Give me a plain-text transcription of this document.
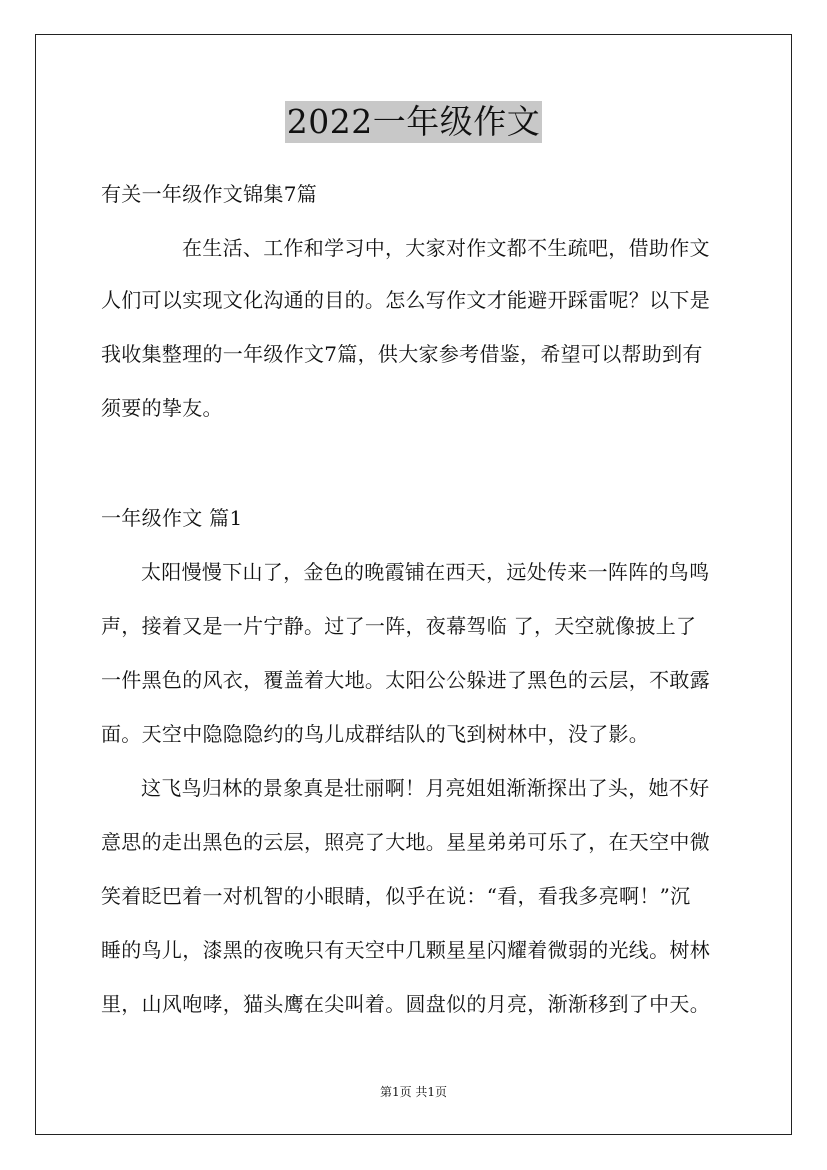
2022一年级作文
有关一年级作文锦集7篇
在生活、工作和学习中，大家对作文都不生疏吧，借助作文
人们可以实现文化沟通的目的。怎么写作文才能避开踩雷呢？以下是
我收集整理的一年级作文7篇，供大家参考借鉴，希望可以帮助到有
须要的挚友。
一年级作文 篇1
太阳慢慢下山了，金色的晚霞铺在西天，远处传来一阵阵的鸟鸣
声，接着又是一片宁静。过了一阵，夜幕驾临 了，天空就像披上了
一件黑色的风衣，覆盖着大地。太阳公公躲进了黑色的云层，不敢露
面。天空中隐隐隐约的鸟儿成群结队的飞到树林中，没了影。
这飞鸟归林的景象真是壮丽啊！月亮姐姐渐渐探出了头，她不好
意思的走出黑色的云层，照亮了大地。星星弟弟可乐了，在天空中微
笑着眨巴着一对机智的小眼睛，似乎在说：“看，看我多亮啊！”沉
睡的鸟儿，漆黑的夜晚只有天空中几颗星星闪耀着微弱的光线。树林
里，山风咆哮，猫头鹰在尖叫着。圆盘似的月亮，渐渐移到了中天。
第1页 共1页
